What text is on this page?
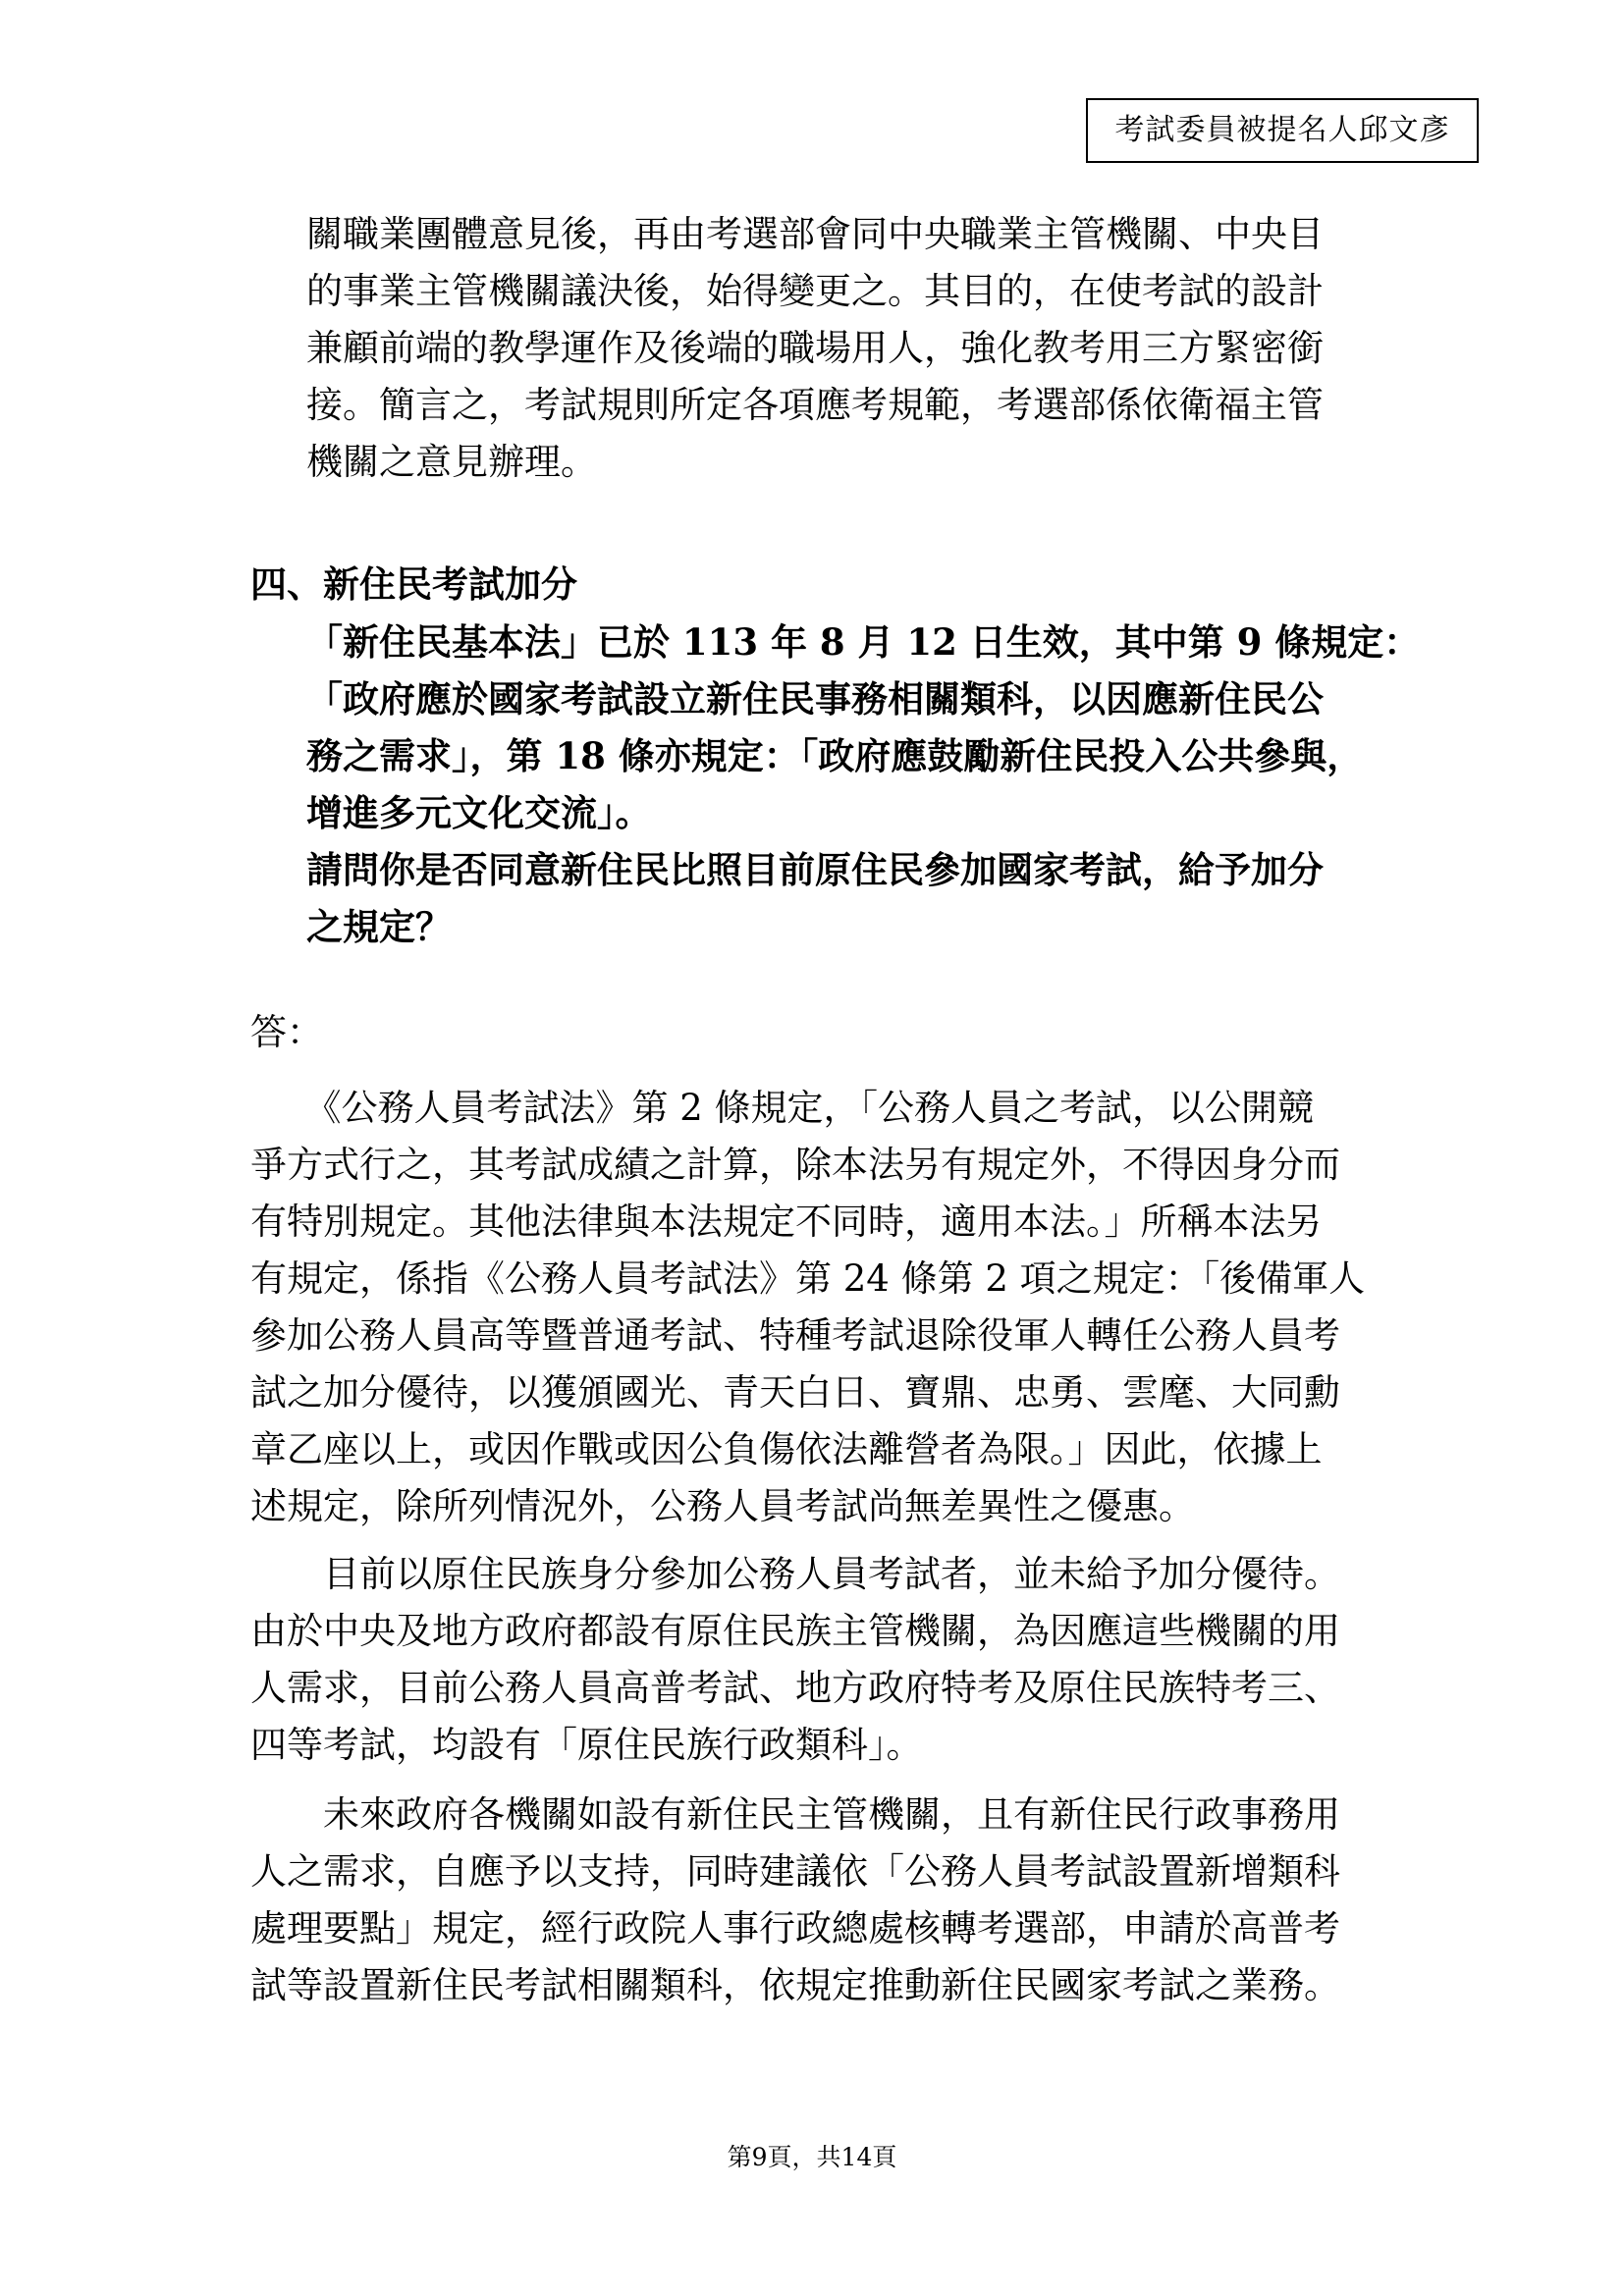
考試委員被提名人邱文彥
關職業團體意見後，再由考選部會同中央職業主管機關、中央目
的事業主管機關議決後，始得變更之。其目的，在使考試的設計
兼顧前端的教學運作及後端的職場用人，強化教考用三方緊密銜
接。簡言之，考試規則所定各項應考規範，考選部係依衛福主管
機關之意見辦理。
四、新住民考試加分
「新住民基本法」已於 113 年 8 月 12 日生效，其中第 9 條規定：
「政府應於國家考試設立新住民事務相關類科，以因應新住民公
務之需求」，第 18 條亦規定：「政府應鼓勵新住民投入公共參與，
增進多元文化交流」。
請問你是否同意新住民比照目前原住民參加國家考試，給予加分
之規定？
答：
　　《公務人員考試法》第 2 條規定，「公務人員之考試，以公開競
爭方式行之，其考試成績之計算，除本法另有規定外，不得因身分而
有特別規定。其他法律與本法規定不同時，適用本法。」所稱本法另
有規定，係指《公務人員考試法》第 24 條第 2 項之規定：「後備軍人
參加公務人員高等暨普通考試、特種考試退除役軍人轉任公務人員考
試之加分優待，以獲頒國光、青天白日、寶鼎、忠勇、雲麾、大同勳
章乙座以上，或因作戰或因公負傷依法離營者為限。」因此，依據上
述規定，除所列情況外，公務人員考試尚無差異性之優惠。
　　目前以原住民族身分參加公務人員考試者，並未給予加分優待。
由於中央及地方政府都設有原住民族主管機關，為因應這些機關的用
人需求，目前公務人員高普考試、地方政府特考及原住民族特考三、
四等考試，均設有「原住民族行政類科」。
　　未來政府各機關如設有新住民主管機關，且有新住民行政事務用
人之需求，自應予以支持，同時建議依「公務人員考試設置新增類科
處理要點」規定，經行政院人事行政總處核轉考選部，申請於高普考
試等設置新住民考試相關類科，依規定推動新住民國家考試之業務。
第9頁，共14頁
